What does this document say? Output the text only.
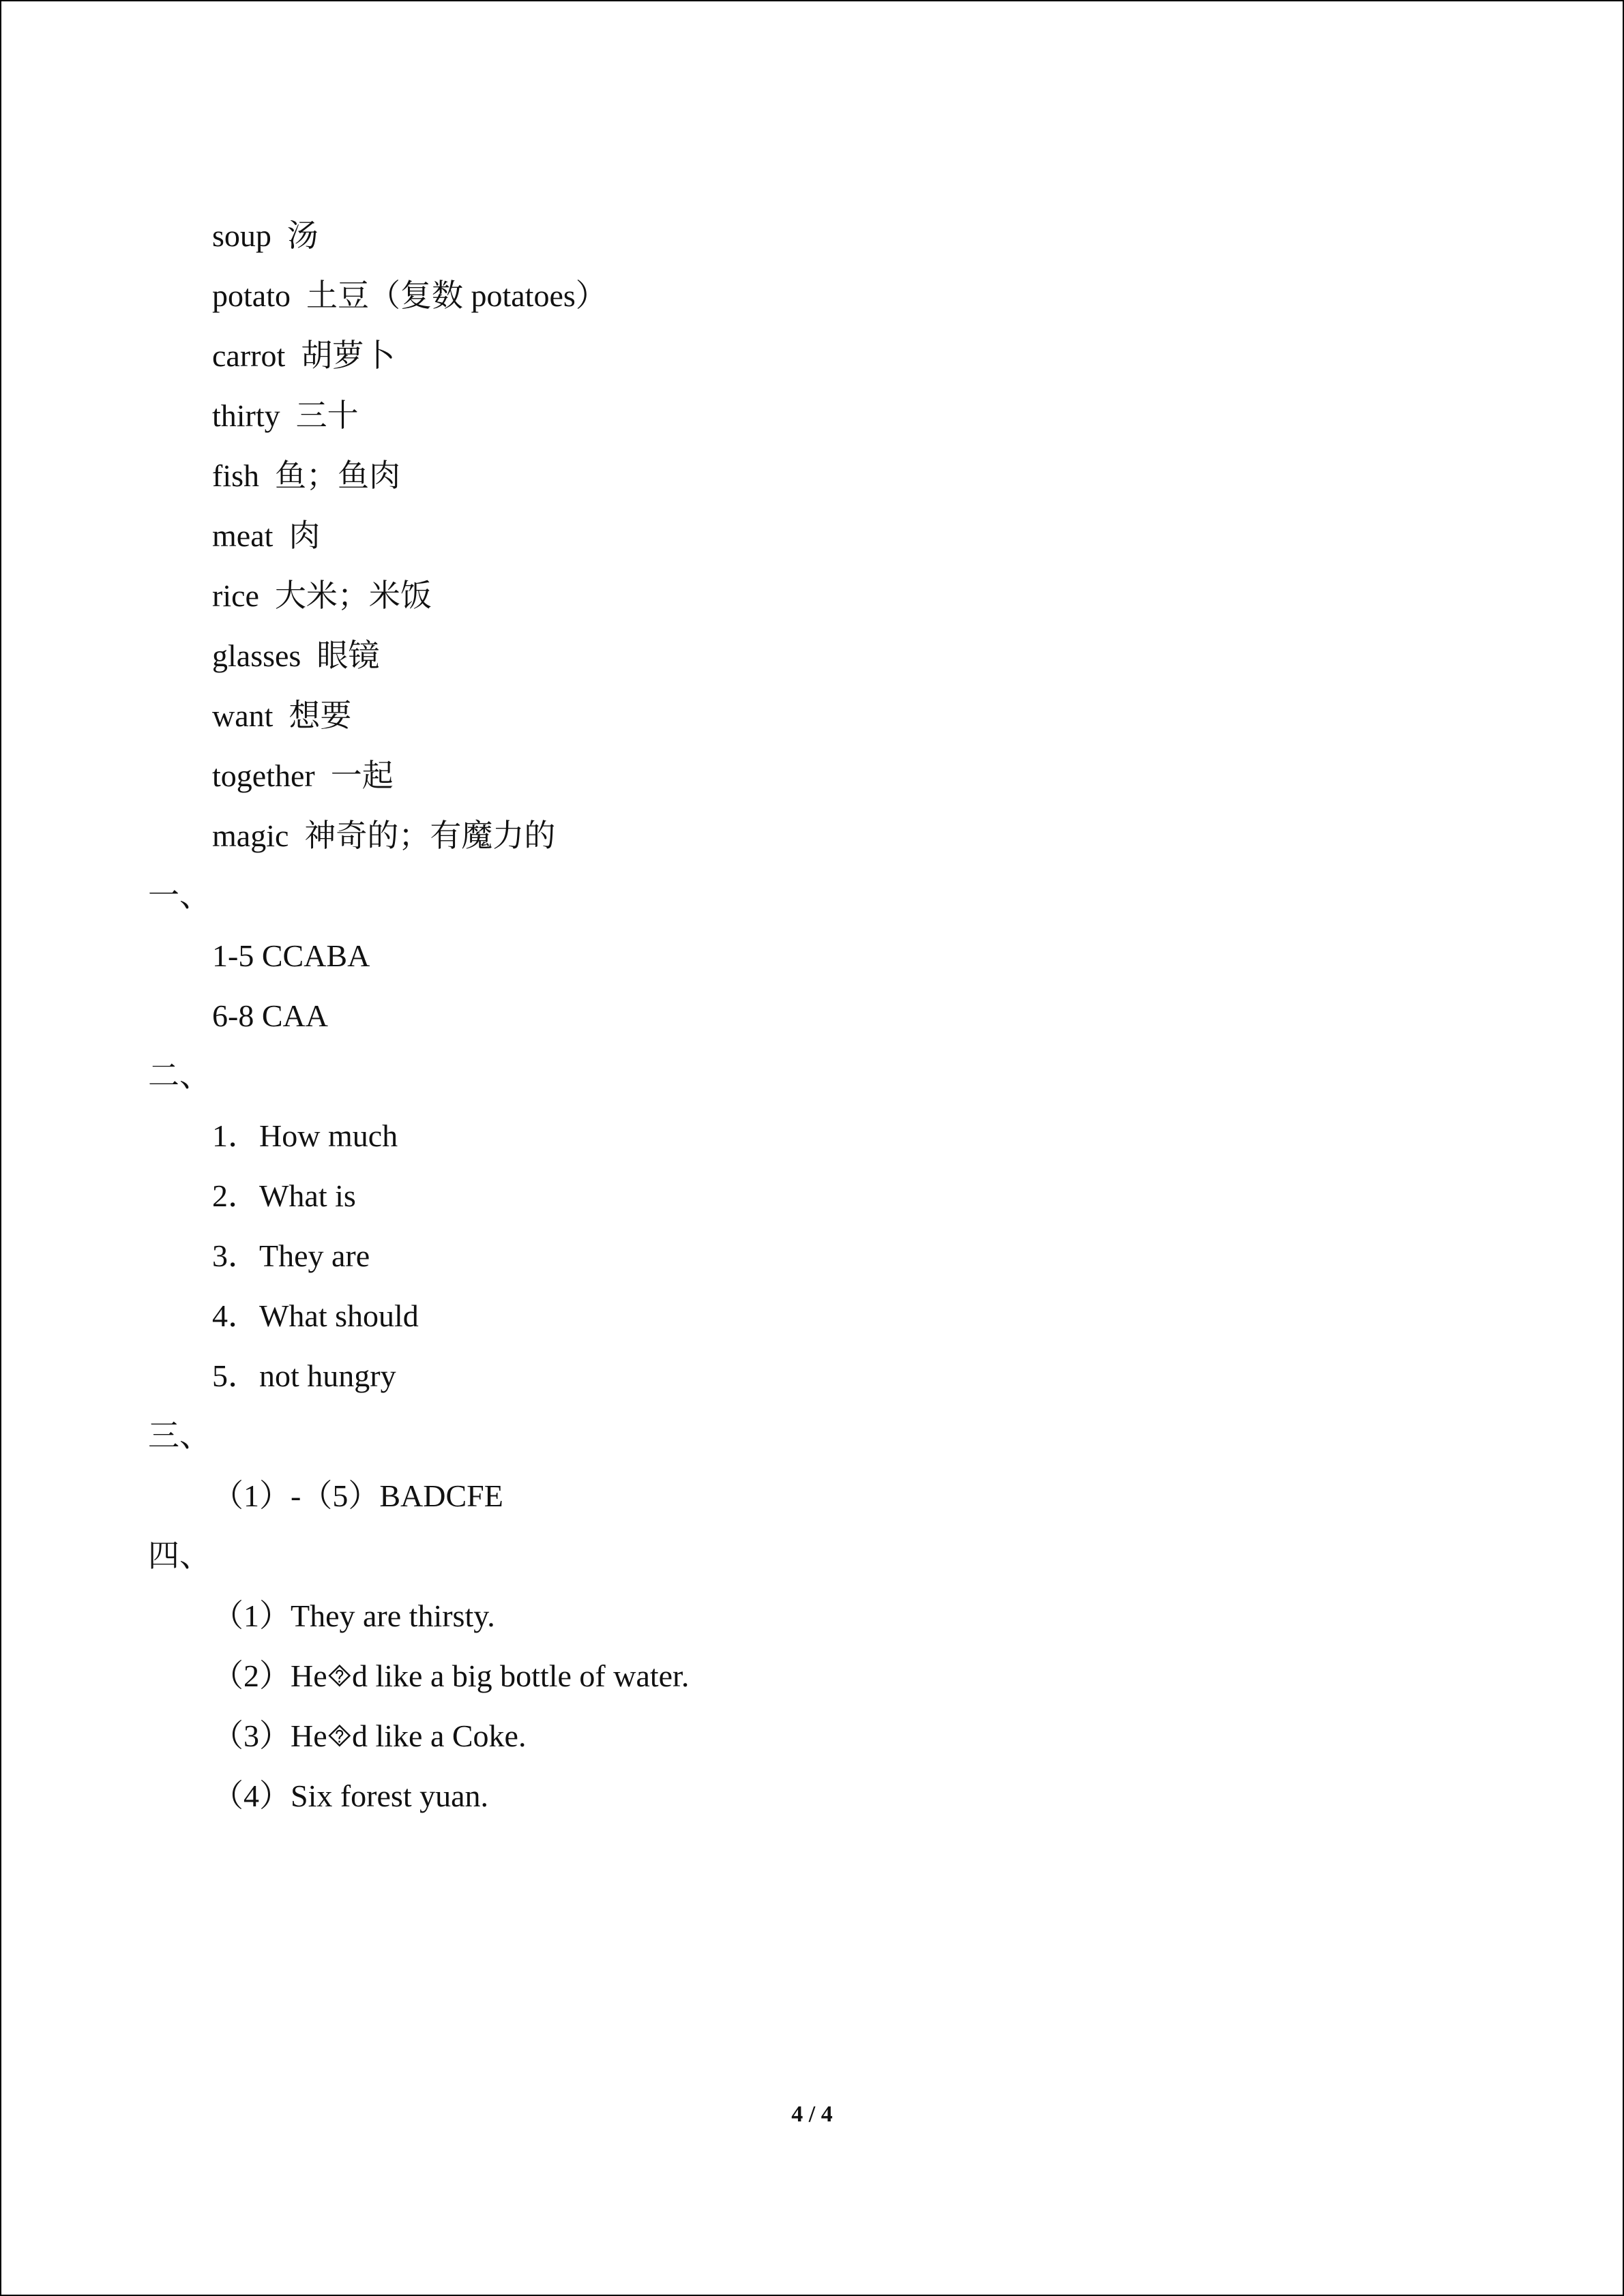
soup  汤
potato  土豆（复数 potatoes）
carrot  胡萝卜
thirty  三十
fish  鱼；鱼肉
meat  肉
rice  大米；米饭
glasses  眼镜
want  想要
together  一起
magic  神奇的；有魔力的
一、
1-5 CCABA
6-8 CAA
二、
1．How much
2．What is
3．They are
4．What should
5．not hungry
三、
（1）-（5）BADCFE
四、
（1）They are thirsty.
（2）He⯑d like a big bottle of water.
（3）He⯑d like a Coke.
（4）Six forest yuan.
4 / 4
